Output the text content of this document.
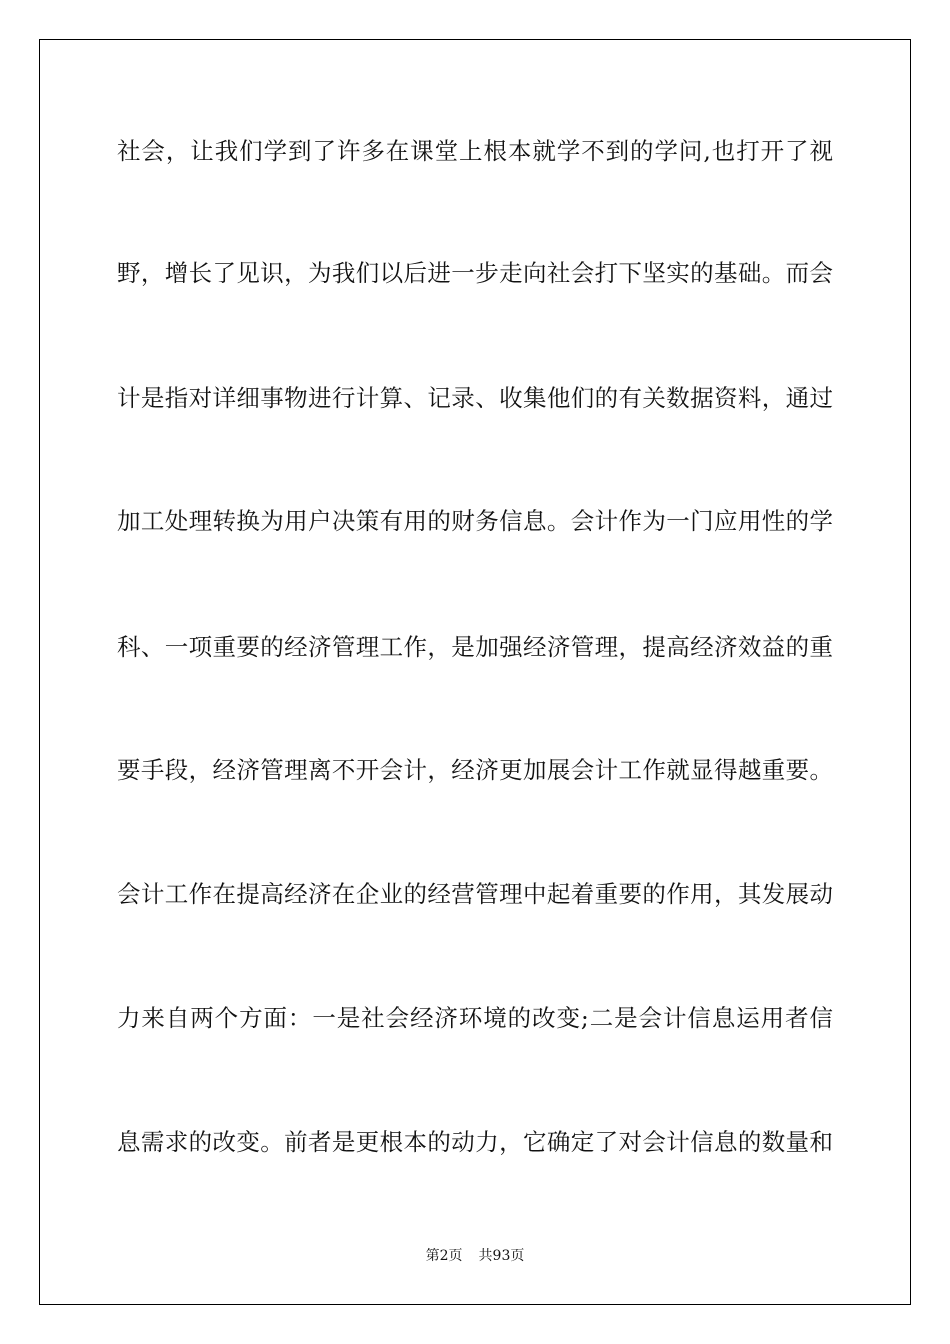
社会，让我们学到了许多在课堂上根本就学不到的学问,也打开了视
野，增长了见识，为我们以后进一步走向社会打下坚实的基础。而会
计是指对详细事物进行计算、记录、收集他们的有关数据资料，通过
加工处理转换为用户决策有用的财务信息。会计作为一门应用性的学
科、一项重要的经济管理工作，是加强经济管理，提高经济效益的重
要手段，经济管理离不开会计，经济更加展会计工作就显得越重要。
会计工作在提高经济在企业的经营管理中起着重要的作用，其发展动
力来自两个方面：一是社会经济环境的改变;二是会计信息运用者信
息需求的改变。前者是更根本的动力，它确定了对会计信息的数量和
第2页 共93页
